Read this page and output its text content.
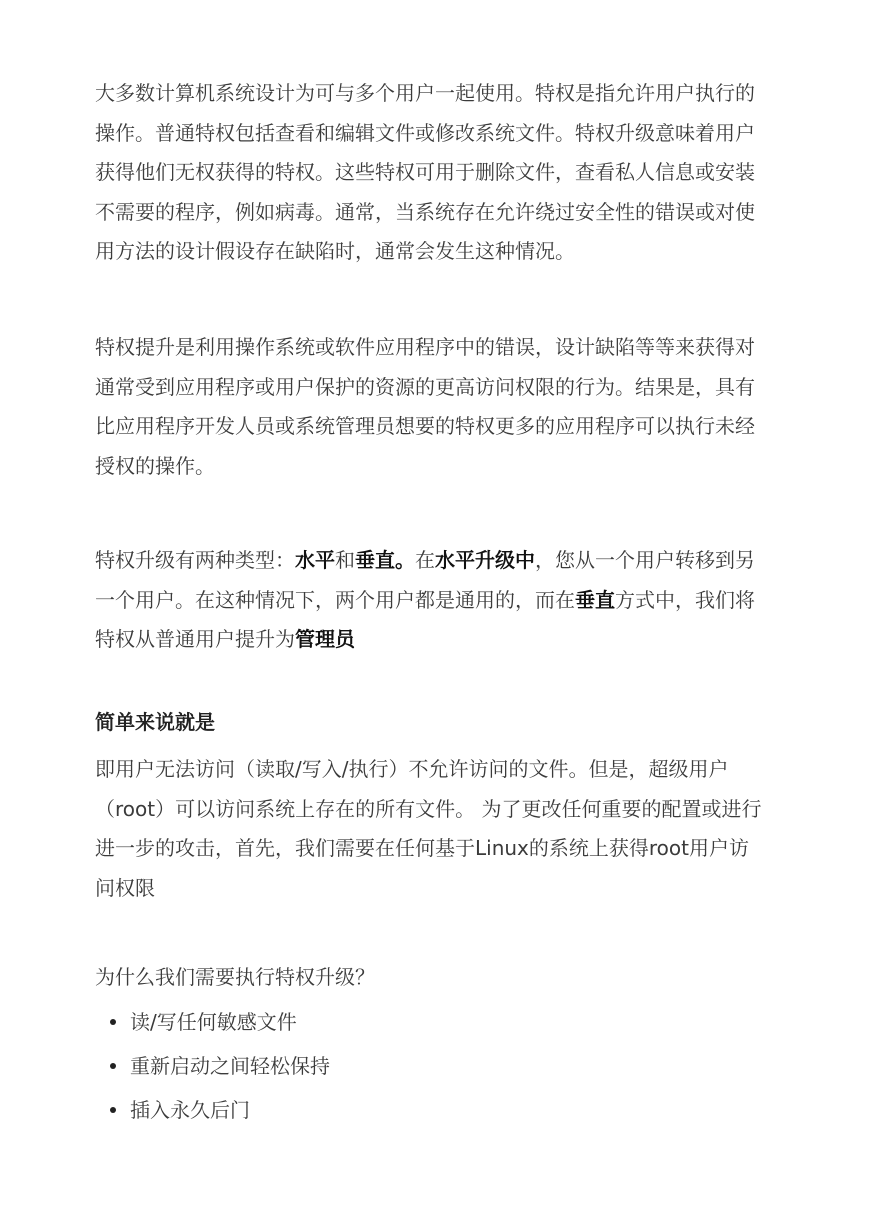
大多数计算机系统设计为可与多个用户一起使用。特权是指允许用户执行的操作。普通特权包括查看和编辑文件或修改系统文件。特权升级意味着用户获得他们无权获得的特权。这些特权可用于删除文件，查看私人信息或安装不需要的程序，例如病毒。通常，当系统存在允许绕过安全性的错误或对使用方法的设计假设存在缺陷时，通常会发生这种情况。

特权提升是利用操作系统或软件应用程序中的错误，设计缺陷等等来获得对通常受到应用程序或用户保护的资源的更高访问权限的行为。结果是，具有比应用程序开发人员或系统管理员想要的特权更多的应用程序可以执行未经授权的操作。

特权升级有两种类型：水平和垂直。在水平升级中，您从一个用户转移到另一个用户。在这种情况下，两个用户都是通用的，而在垂直方式中，我们将特权从普通用户提升为管理员

简单来说就是

即用户无法访问（读取/写入/执行）不允许访问的文件。但是，超级用户（root）可以访问系统上存在的所有文件。 为了更改任何重要的配置或进行进一步的攻击，首先，我们需要在任何基于Linux的系统上获得root用户访问权限

为什么我们需要执行特权升级？

读/写任何敏感文件
重新启动之间轻松保持
插入永久后门
